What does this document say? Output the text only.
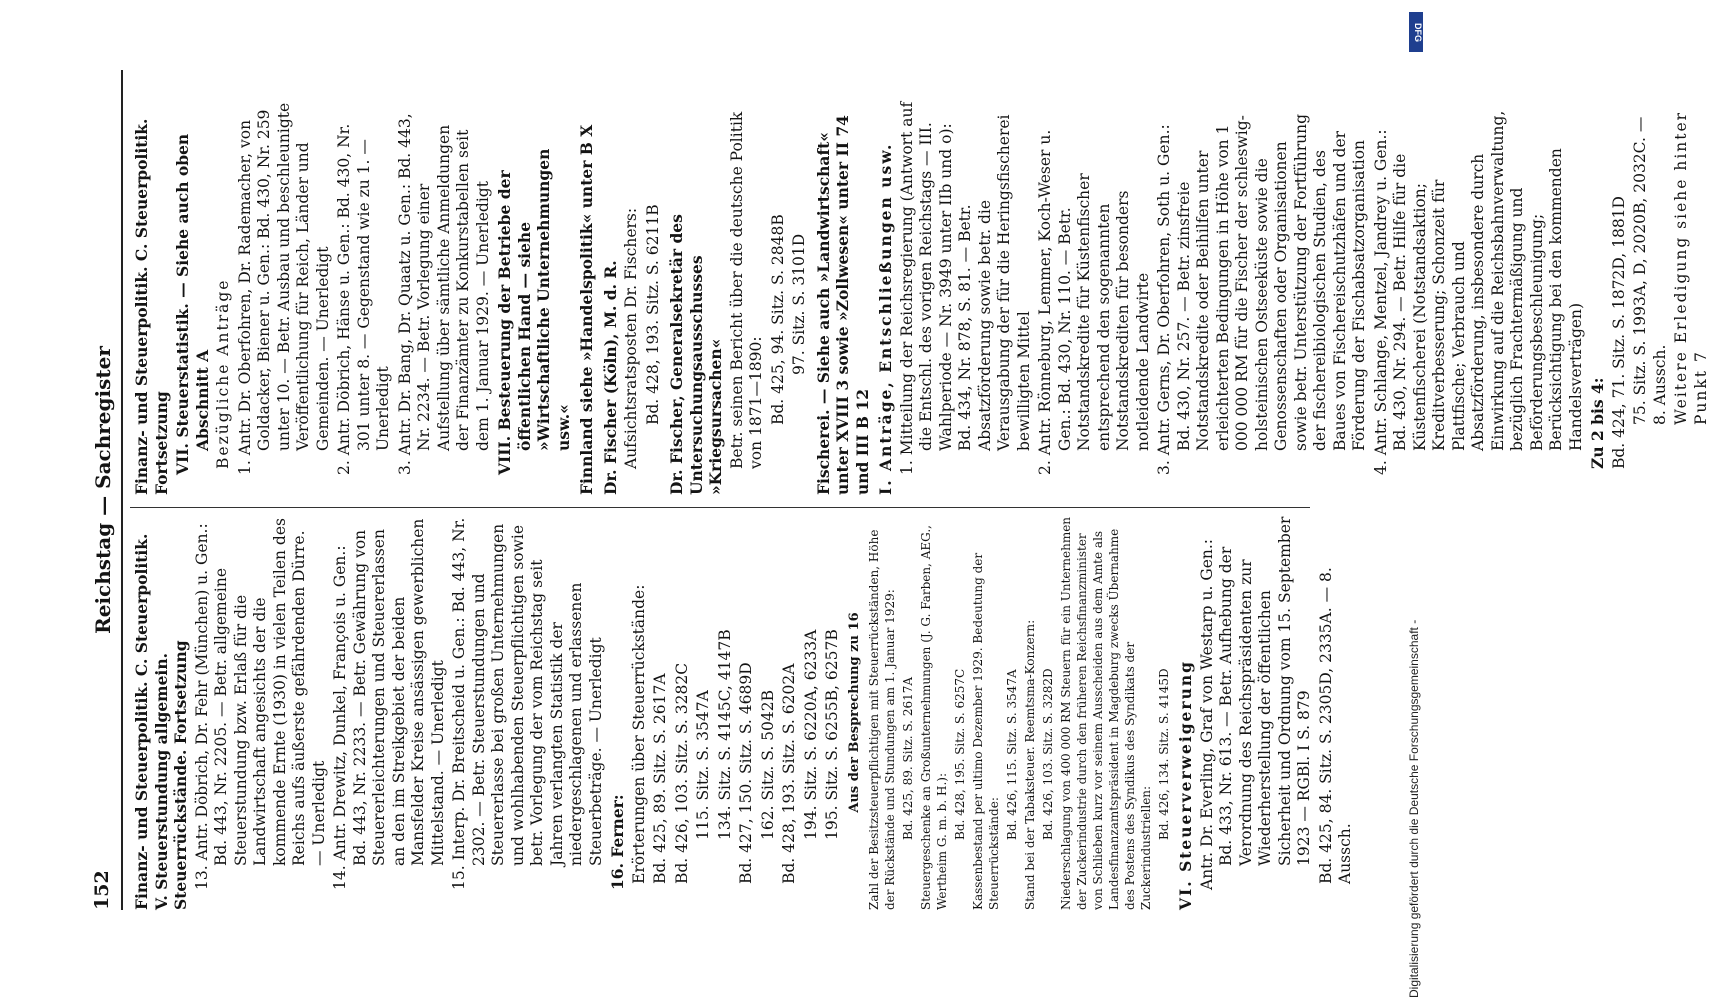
152
Reichstag — Sachregister

Finanz- und Steuerpolitik. C. Steuerpolitik. V. Steuerstundung allgemein. Steuerrückstände. Fortsetzung 13. Antr. Döbrich, Dr. Fehr (München) u. Gen.: Bd. 443, Nr. 2205. — Betr. allgemeine Steuerstundung bzw. Erlaß für die Landwirtschaft angesichts der die kommende Ernte (1930) in vielen Teilen des Reichs aufs äußerste gefährdenden Dürre. — Unerledigt 14. Antr. Drewitz, Dunkel, François u. Gen.: Bd. 443, Nr. 2233. — Betr. Gewährung von Steuererleichterungen und Steuererlassen an den im Streikgebiet der beiden Mansfelder Kreise ansässigen gewerblichen Mittelstand. — Unerledigt 15. Interp. Dr. Breitscheid u. Gen.: Bd. 443, Nr. 2302. — Betr. Steuerstundungen und Steuererlasse bei großen Unternehmungen und wohlhabenden Steuerpflichtigen sowie betr. Vorlegung der vom Reichstag seit Jahren verlangten Statistik der niedergeschlagenen und erlassenen Steuerbeträge. — Unerledigt 16. Ferner: Erörterungen über Steuerrückstände: Bd. 425, 89. Sitz. S. 2617A Bd. 426, 103. Sitz. S. 3282C 115. Sitz. S. 3547A 134. Sitz. S. 4145C, 4147B Bd. 427, 150. Sitz. S. 4689D 162. Sitz. S. 5042B Bd. 428, 193. Sitz. S. 6202A 194. Sitz. S. 6220A, 6233A 195. Sitz. S. 6255B, 6257B Aus der Besprechung zu 16 Zahl der Besitzsteuerpflichtigen mit Steuerrückständen, Höhe der Rückstände und Stundungen am 1. Januar 1929: Bd. 425, 89. Sitz. S. 2617A Steuergeschenke an Großunternehmungen (J. G. Farben, AEG., Wertheim G. m. b. H.):

Bd. 428, 195. Sitz. S. 6257C Kassenbestand per ultimo Dezember 1929. Bedeutung der Steuerrückstände:

Bd. 426, 115. Sitz. S. 3547A Stand bei der Tabaksteuer. Reemtsma-Konzern: Bd. 426, 103. Sitz. S. 3282D Niederschlagung von 400 000 RM Steuern für ein Unternehmen der Zuckerindustrie durch den früheren Reichsfinanzminister von Schlieben kurz vor seinem Ausscheiden aus dem Amte als Landesfinanzamtspräsident in Magdeburg zwecks Übernahme des Postens des Syndikus des Syndikats der Zuckerindustriellen:

Bd. 426, 134. Sitz. S. 4145D VI. Steuerverweigerung Antr. Dr. Everling, Graf von Westarp u. Gen.: Bd. 433, Nr. 613. — Betr. Aufhebung der Verordnung des Reichspräsidenten zur Wiederherstellung der öffentlichen Sicherheit und Ordnung vom 15. September 1923 — RGBl. I S. 879 Bd. 425, 84. Sitz. S. 2305D, 2335A. — 8. Aussch.

Finanz- und Steuerpolitik. C. Steuerpolitik. Fortsetzung VII. Steuerstatistik. — Siehe auch oben Abschnitt A Bezügliche Anträge 1. Antr. Dr. Oberfohren, Dr. Rademacher, von Goldacker, Biener u. Gen.: Bd. 430, Nr. 259 unter 10. — Betr. Ausbau und beschleunigte Veröffentlichung für Reich, Länder und Gemeinden. — Unerledigt 2. Antr. Döbrich, Hänse u. Gen.: Bd. 430, Nr. 301 unter 8. — Gegenstand wie zu 1. — Unerledigt 3. Antr. Dr. Bang, Dr. Quaatz u. Gen.: Bd. 443, Nr. 2234. — Betr. Vorlegung einer Aufstellung über sämtliche Anmeldungen der Finanzämter zu Konkurstabellen seit dem 1. Januar 1929. — Unerledigt VIII. Besteuerung der Betriebe der öffentlichen Hand — siehe »Wirtschaftliche Unternehmungen usw.« Finnland siehe »Handelspolitik« unter B X Dr. Fischer (Köln), M. d. R. Aufsichtsratsposten Dr. Fischers: Bd. 428, 193. Sitz. S. 6211B Dr. Fischer, Generalsekretär des Untersuchungsausschusses »Kriegsursachen« Betr. seinen Bericht über die deutsche Politik von 1871—1890: Bd. 425, 94. Sitz. S. 2848B 97. Sitz. S. 3101D Fischerei. — Siehe auch »Landwirtschaft« unter XVIII 3 sowie »Zollwesen« unter II 74 und III B 12 I. Anträge, Entschließungen usw. 1. Mitteilung der Reichsregierung (Antwort auf die Entschl. des vorigen Reichstags — III. Wahlperiode — Nr. 3949 unter IIb und o): Bd. 434, Nr. 878, S. 81. — Betr. Absatzförderung sowie betr. die Verausgabung der für die Heringsfischerei bewilligten Mittel 2. Antr. Rönneburg, Lemmer, Koch-Weser u. Gen.: Bd. 430, Nr. 110. — Betr. Notstandskredite für Küstenfischer entsprechend den sogenannten Notstandskrediten für besonders notleidende Landwirte 3. Antr. Gerns, Dr. Oberfohren, Soth u. Gen.: Bd. 430, Nr. 257. — Betr. zinsfreie Notstandskredite oder Beihilfen unter erleichterten Bedingungen in Höhe von 1 000 000 RM für die Fischer der schleswig-holsteinischen Ostseeküste sowie die Genossenschaften oder Organisationen sowie betr. Unterstützung der Fortführung der fischereibiologischen Studien, des Baues von Fischereischutzhäfen und der Förderung der Fischabsatzorganisation 4. Antr. Schlange, Mentzel, Jandrey u. Gen.: Bd. 430, Nr. 294. — Betr. Hilfe für die Küstenfischerei (Notstandsaktion; Kreditverbesserung; Schonzeit für Plattfische; Verbrauch und Absatzförderung, insbesondere durch Einwirkung auf die Reichsbahnverwaltung, bezüglich Frachtermäßigung und Beförderungsbeschleunigung; Berücksichtigung bei den kommenden Handelsverträgen) Zu 2 bis 4: Bd. 424, 71. Sitz. S. 1872D, 1881D 75. Sitz. S. 1993A, D, 2020B, 2032C. — 8. Aussch. Weitere Erledigung siehe hinter Punkt 7

Digitalisierung gefördert durch die Deutsche Forschungsgemeinschaft -
DFG
